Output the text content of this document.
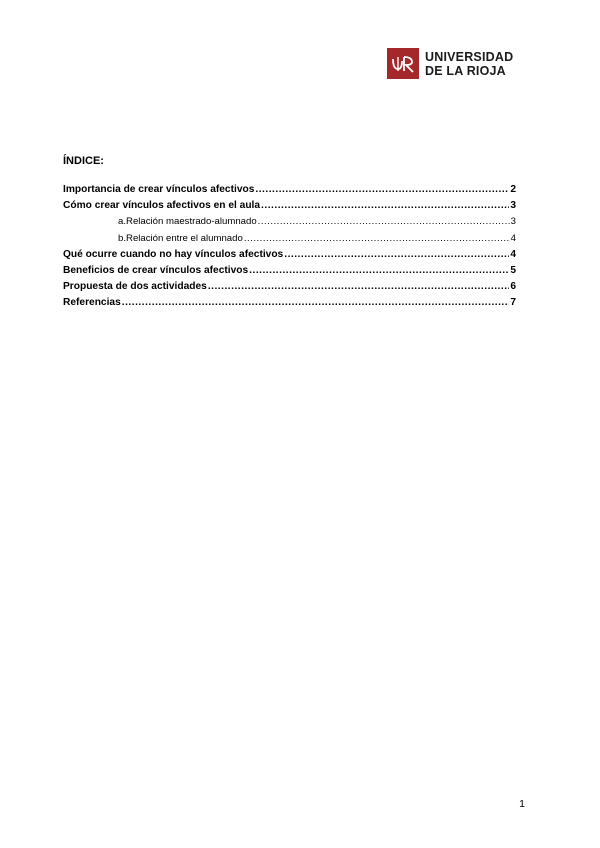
UNIVERSIDAD
DE LA RIOJA
ÍNDICE:
Importancia de crear vínculos afectivos .....	2
Cómo crear vínculos afectivos en el aula .....	3
a. Relación maestrado-alumnado .....	3
b. Relación entre el alumnado .....	4
Qué ocurre cuando no hay vínculos afectivos .....	4
Beneficios de crear vínculos afectivos .....	5
Propuesta de dos actividades .....	6
Referencias .....	7
1
